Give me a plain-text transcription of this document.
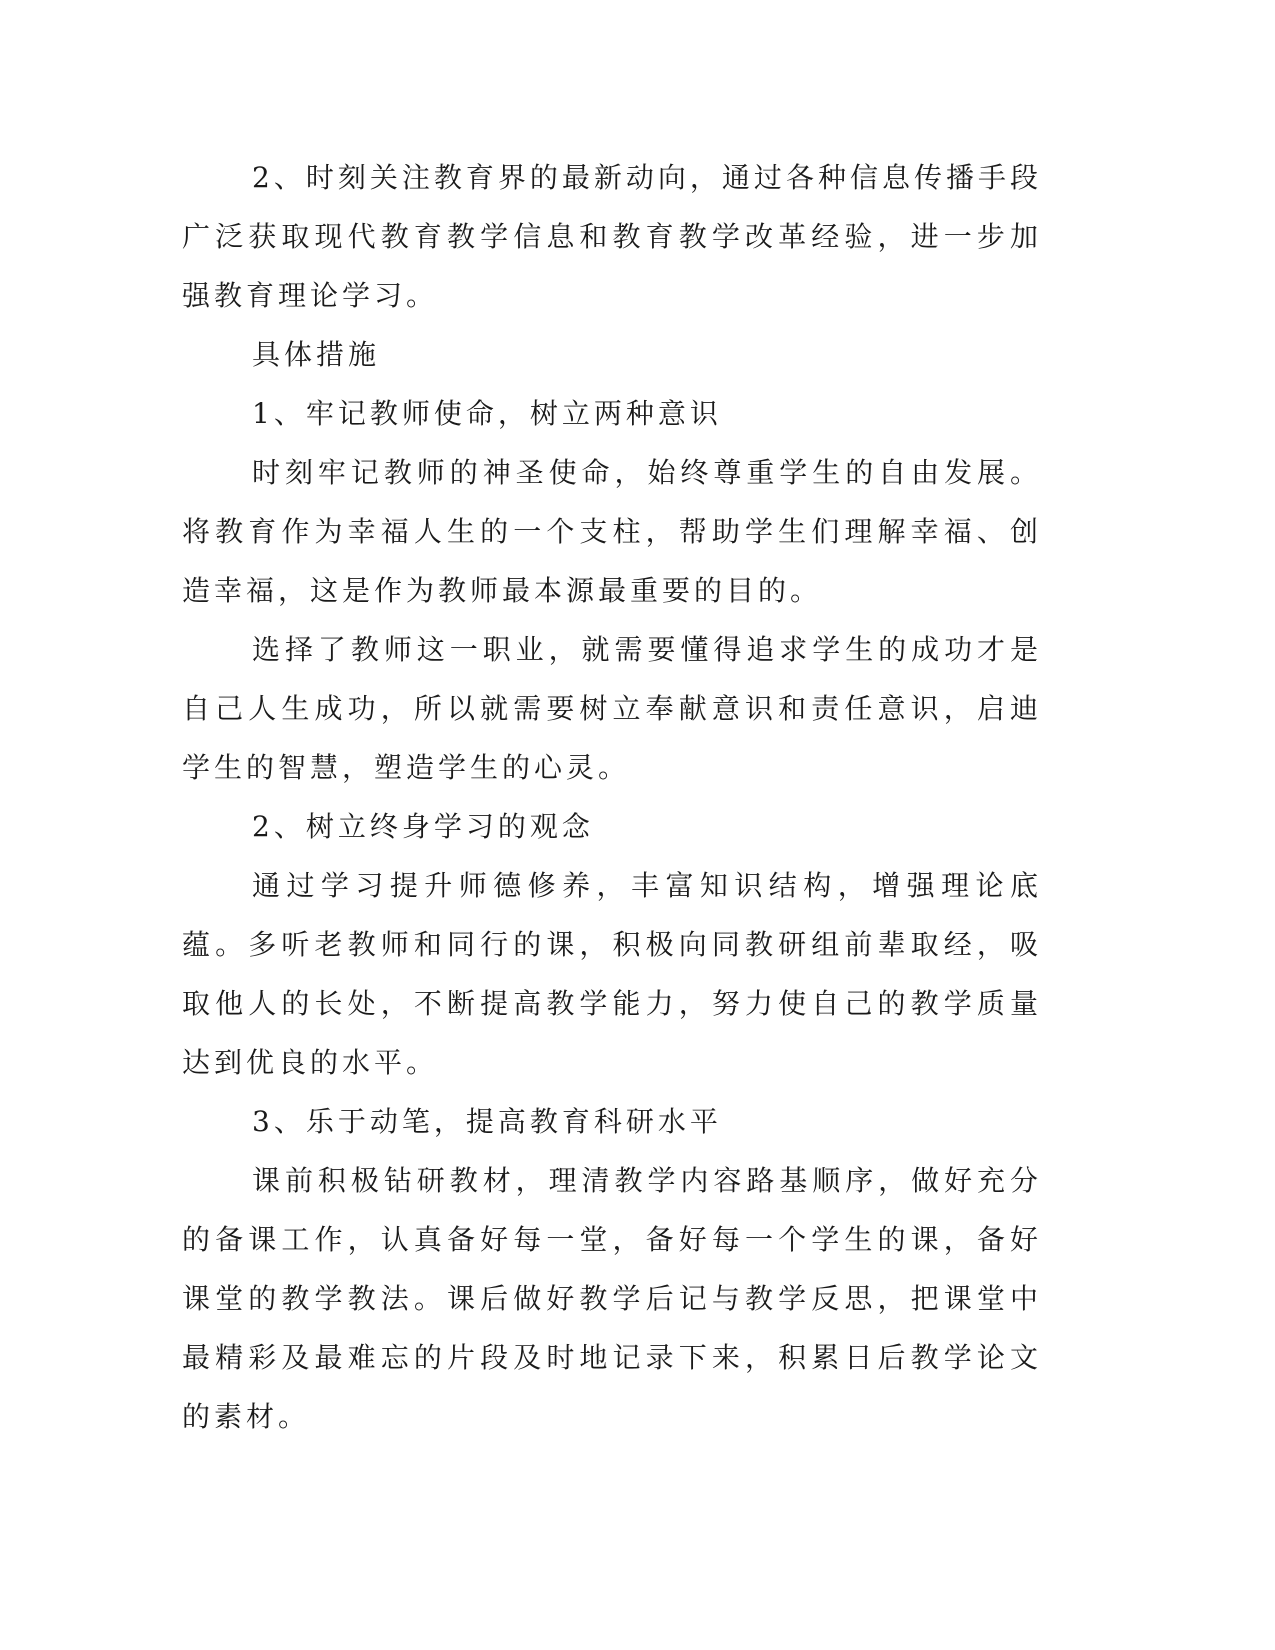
2、时刻关注教育界的最新动向，通过各种信息传播手段广泛获取现代教育教学信息和教育教学改革经验，进一步加强教育理论学习。

具体措施

1、牢记教师使命，树立两种意识

时刻牢记教师的神圣使命，始终尊重学生的自由发展。将教育作为幸福人生的一个支柱，帮助学生们理解幸福、创造幸福，这是作为教师最本源最重要的目的。

选择了教师这一职业，就需要懂得追求学生的成功才是自己人生成功，所以就需要树立奉献意识和责任意识，启迪学生的智慧，塑造学生的心灵。

2、树立终身学习的观念

通过学习提升师德修养，丰富知识结构，增强理论底蕴。多听老教师和同行的课，积极向同教研组前辈取经，吸取他人的长处，不断提高教学能力，努力使自己的教学质量达到优良的水平。

3、乐于动笔，提高教育科研水平

课前积极钻研教材，理清教学内容路基顺序，做好充分的备课工作，认真备好每一堂，备好每一个学生的课，备好课堂的教学教法。课后做好教学后记与教学反思，把课堂中最精彩及最难忘的片段及时地记录下来，积累日后教学论文的素材。
